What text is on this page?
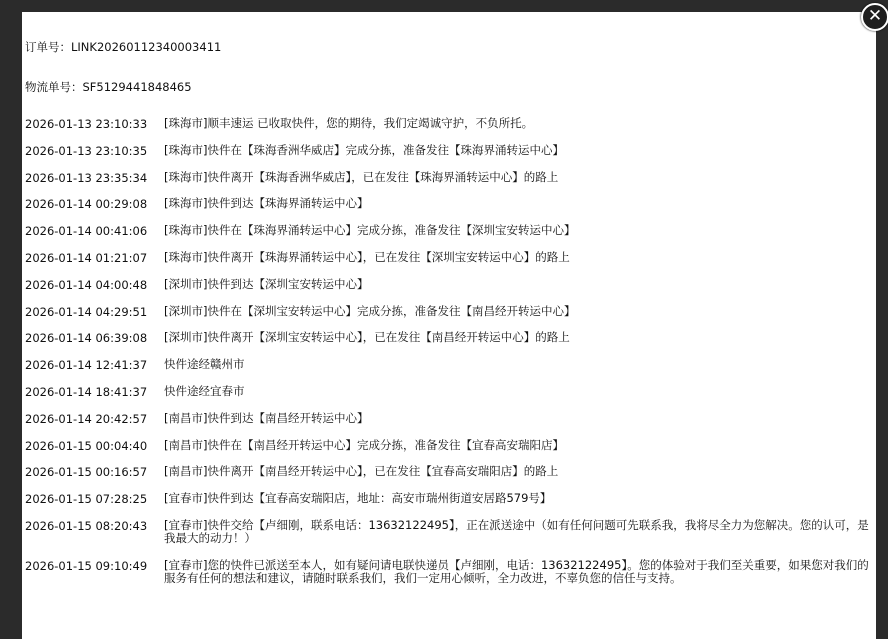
订单号：LINK20260112340003411
物流单号：SF5129441848465
2026-01-13 23:10:33	[珠海市]顺丰速运 已收取快件，您的期待，我们定竭诚守护，不负所托。
2026-01-13 23:10:35	[珠海市]快件在【珠海香洲华威店】完成分拣，准备发往【珠海界涌转运中心】
2026-01-13 23:35:34	[珠海市]快件离开【珠海香洲华威店】，已在发往【珠海界涌转运中心】的路上
2026-01-14 00:29:08	[珠海市]快件到达【珠海界涌转运中心】
2026-01-14 00:41:06	[珠海市]快件在【珠海界涌转运中心】完成分拣，准备发往【深圳宝安转运中心】
2026-01-14 01:21:07	[珠海市]快件离开【珠海界涌转运中心】，已在发往【深圳宝安转运中心】的路上
2026-01-14 04:00:48	[深圳市]快件到达【深圳宝安转运中心】
2026-01-14 04:29:51	[深圳市]快件在【深圳宝安转运中心】完成分拣，准备发往【南昌经开转运中心】
2026-01-14 06:39:08	[深圳市]快件离开【深圳宝安转运中心】，已在发往【南昌经开转运中心】的路上
2026-01-14 12:41:37	快件途经赣州市
2026-01-14 18:41:37	快件途经宜春市
2026-01-14 20:42:57	[南昌市]快件到达【南昌经开转运中心】
2026-01-15 00:04:40	[南昌市]快件在【南昌经开转运中心】完成分拣，准备发往【宜春高安瑞阳店】
2026-01-15 00:16:57	[南昌市]快件离开【南昌经开转运中心】，已在发往【宜春高安瑞阳店】的路上
2026-01-15 07:28:25	[宜春市]快件到达【宜春高安瑞阳店，地址：高安市瑞州街道安居路579号】
2026-01-15 08:20:43	[宜春市]快件交给【卢细刚，联系电话：13632122495】，正在派送途中（如有任何问题可先联系我，我将尽全力为您解决。您的认可，是我最大的动力！）
2026-01-15 09:10:49	[宜春市]您的快件已派送至本人，如有疑问请电联快递员【卢细刚，电话：13632122495】。您的体验对于我们至关重要，如果您对我们的服务有任何的想法和建议，请随时联系我们，我们一定用心倾听，全力改进，不辜负您的信任与支持。
✕
